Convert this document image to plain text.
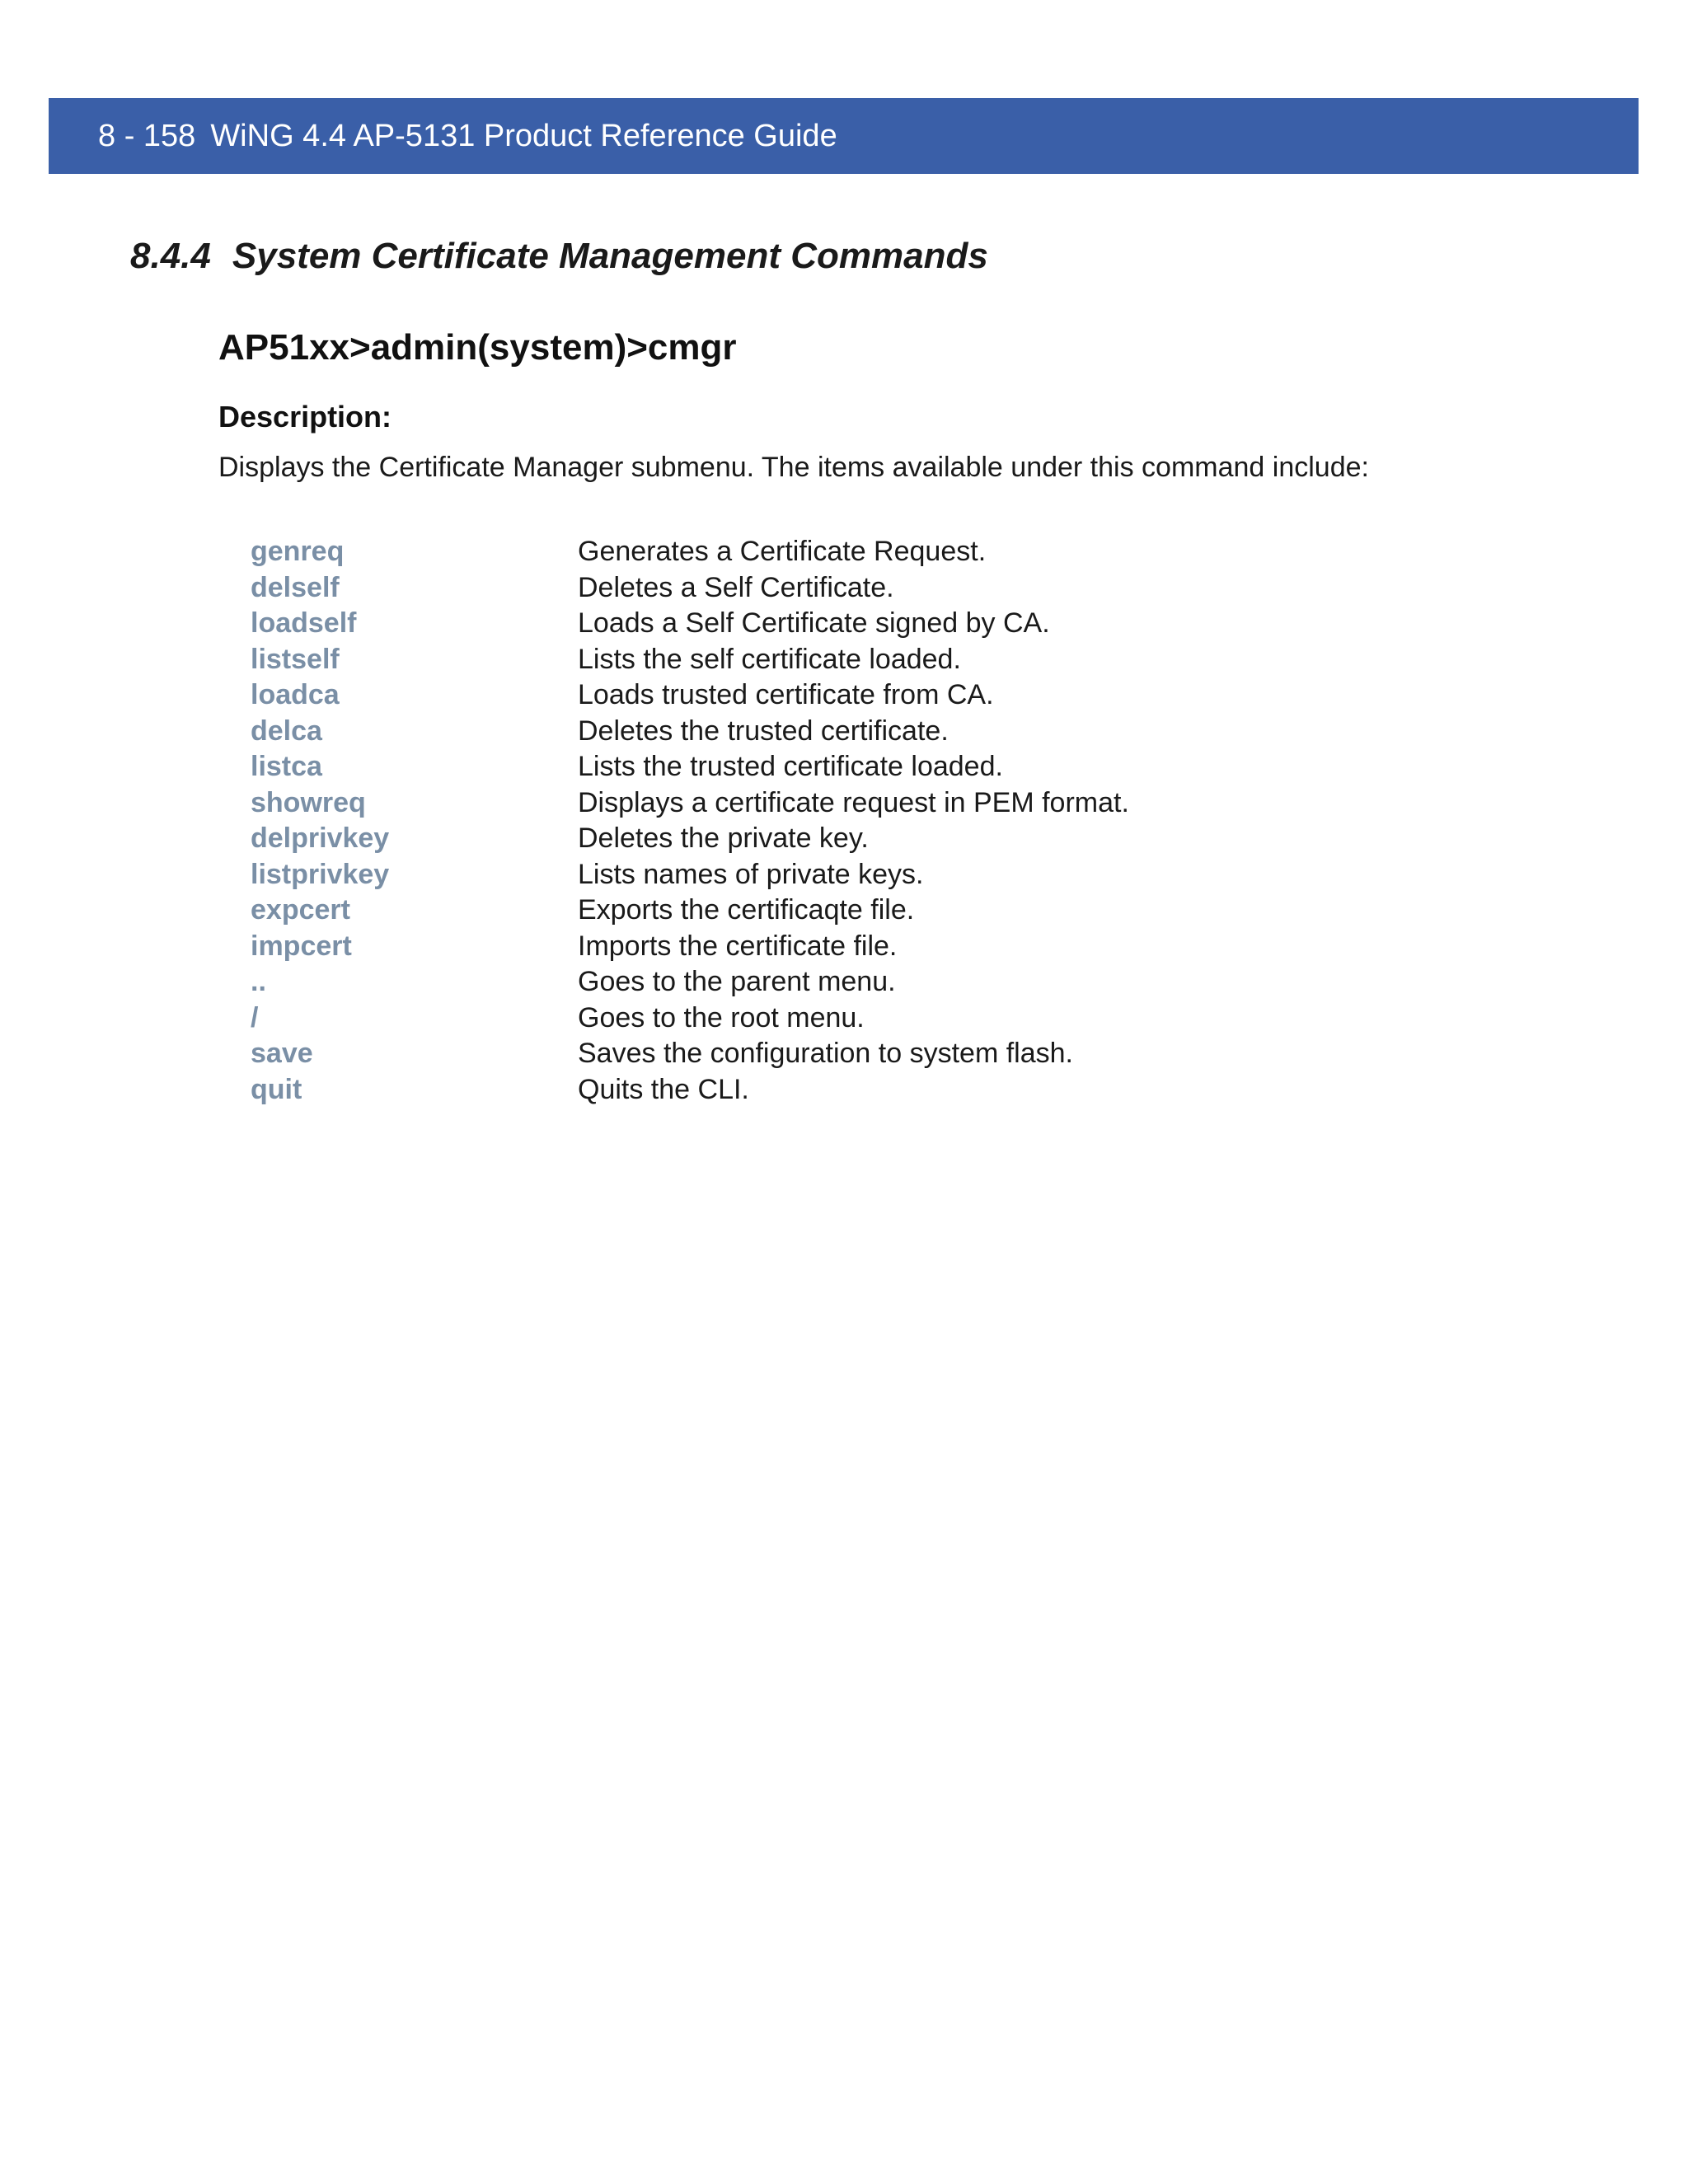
8 - 158 WiNG 4.4 AP-5131 Product Reference Guide
8.4.4 System Certificate Management Commands
AP51xx>admin(system)>cmgr
Description:
Displays the Certificate Manager submenu. The items available under this command include:
genreq	Generates a Certificate Request.
delself	Deletes a Self Certificate.
loadself	Loads a Self Certificate signed by CA.
listself	Lists the self certificate loaded.
loadca	Loads trusted certificate from CA.
delca	Deletes the trusted certificate.
listca	Lists the trusted certificate loaded.
showreq	Displays a certificate request in PEM format.
delprivkey	Deletes the private key.
listprivkey	Lists names of private keys.
expcert	Exports the certificaqte file.
impcert	Imports the certificate file.
..	Goes to the parent menu.
/	Goes to the root menu.
save	Saves the configuration to system flash.
quit	Quits the CLI.
